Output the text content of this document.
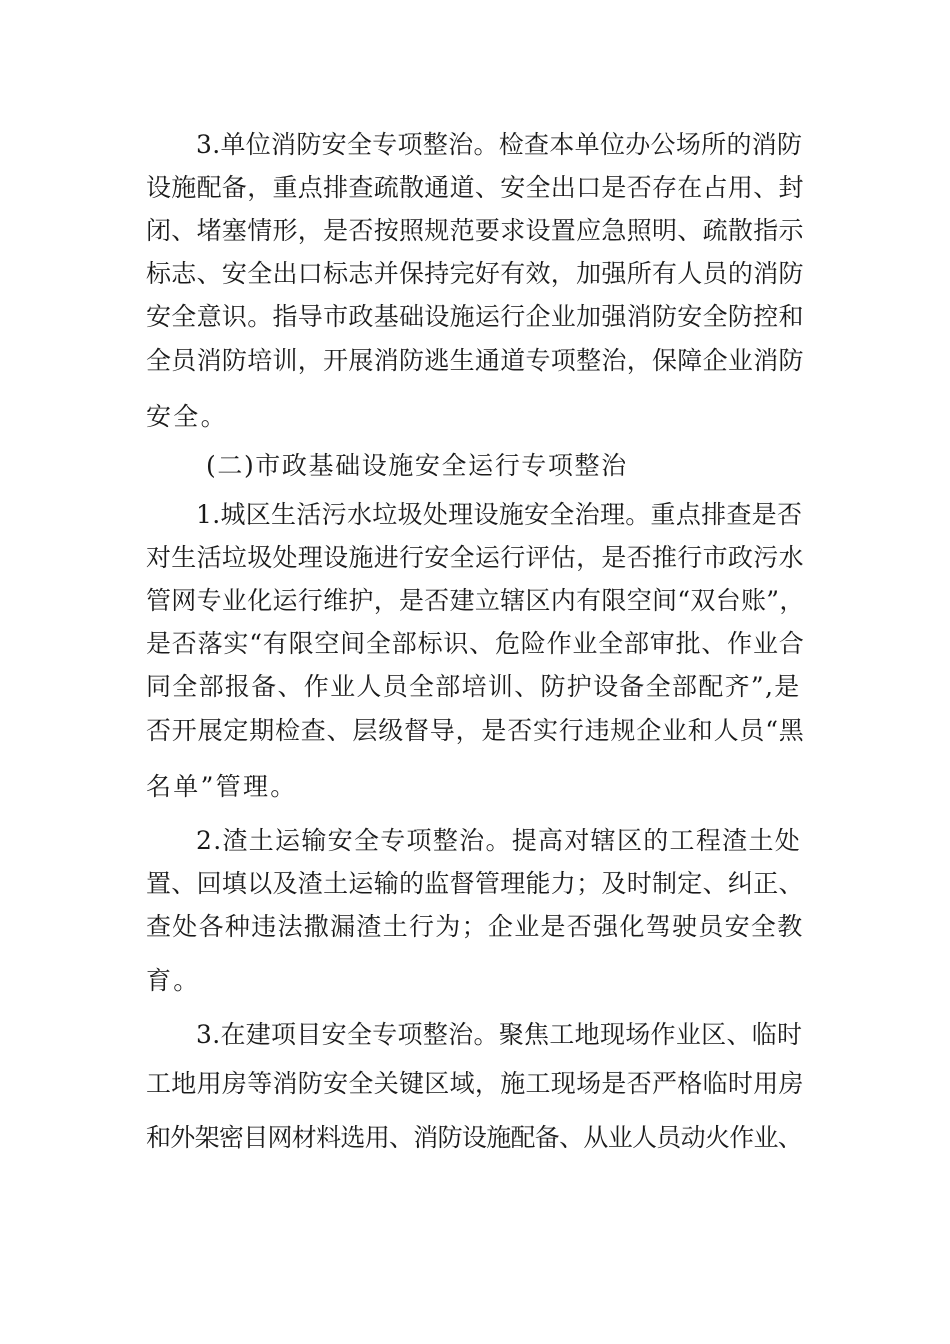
3.单位消防安全专项整治。检查本单位办公场所的消防
设施配备，重点排查疏散通道、安全出口是否存在占用、封
闭、堵塞情形，是否按照规范要求设置应急照明、疏散指示
标志、安全出口标志并保持完好有效，加强所有人员的消防
安全意识。指导市政基础设施运行企业加强消防安全防控和
全员消防培训，开展消防逃生通道专项整治，保障企业消防
安全。
(二)市政基础设施安全运行专项整治
1.城区生活污水垃圾处理设施安全治理。重点排查是否
对生活垃圾处理设施进行安全运行评估，是否推行市政污水
管网专业化运行维护，是否建立辖区内有限空间“双台账”，
是否落实“有限空间全部标识、危险作业全部审批、作业合
同全部报备、作业人员全部培训、防护设备全部配齐”,是
否开展定期检查、层级督导，是否实行违规企业和人员“黑
名单”管理。
2.渣土运输安全专项整治。提高对辖区的工程渣土处
置、回填以及渣土运输的监督管理能力；及时制定、纠正、
查处各种违法撒漏渣土行为；企业是否强化驾驶员安全教
育。
3.在建项目安全专项整治。聚焦工地现场作业区、临时
工地用房等消防安全关键区域，施工现场是否严格临时用房
和外架密目网材料选用、消防设施配备、从业人员动火作业、
